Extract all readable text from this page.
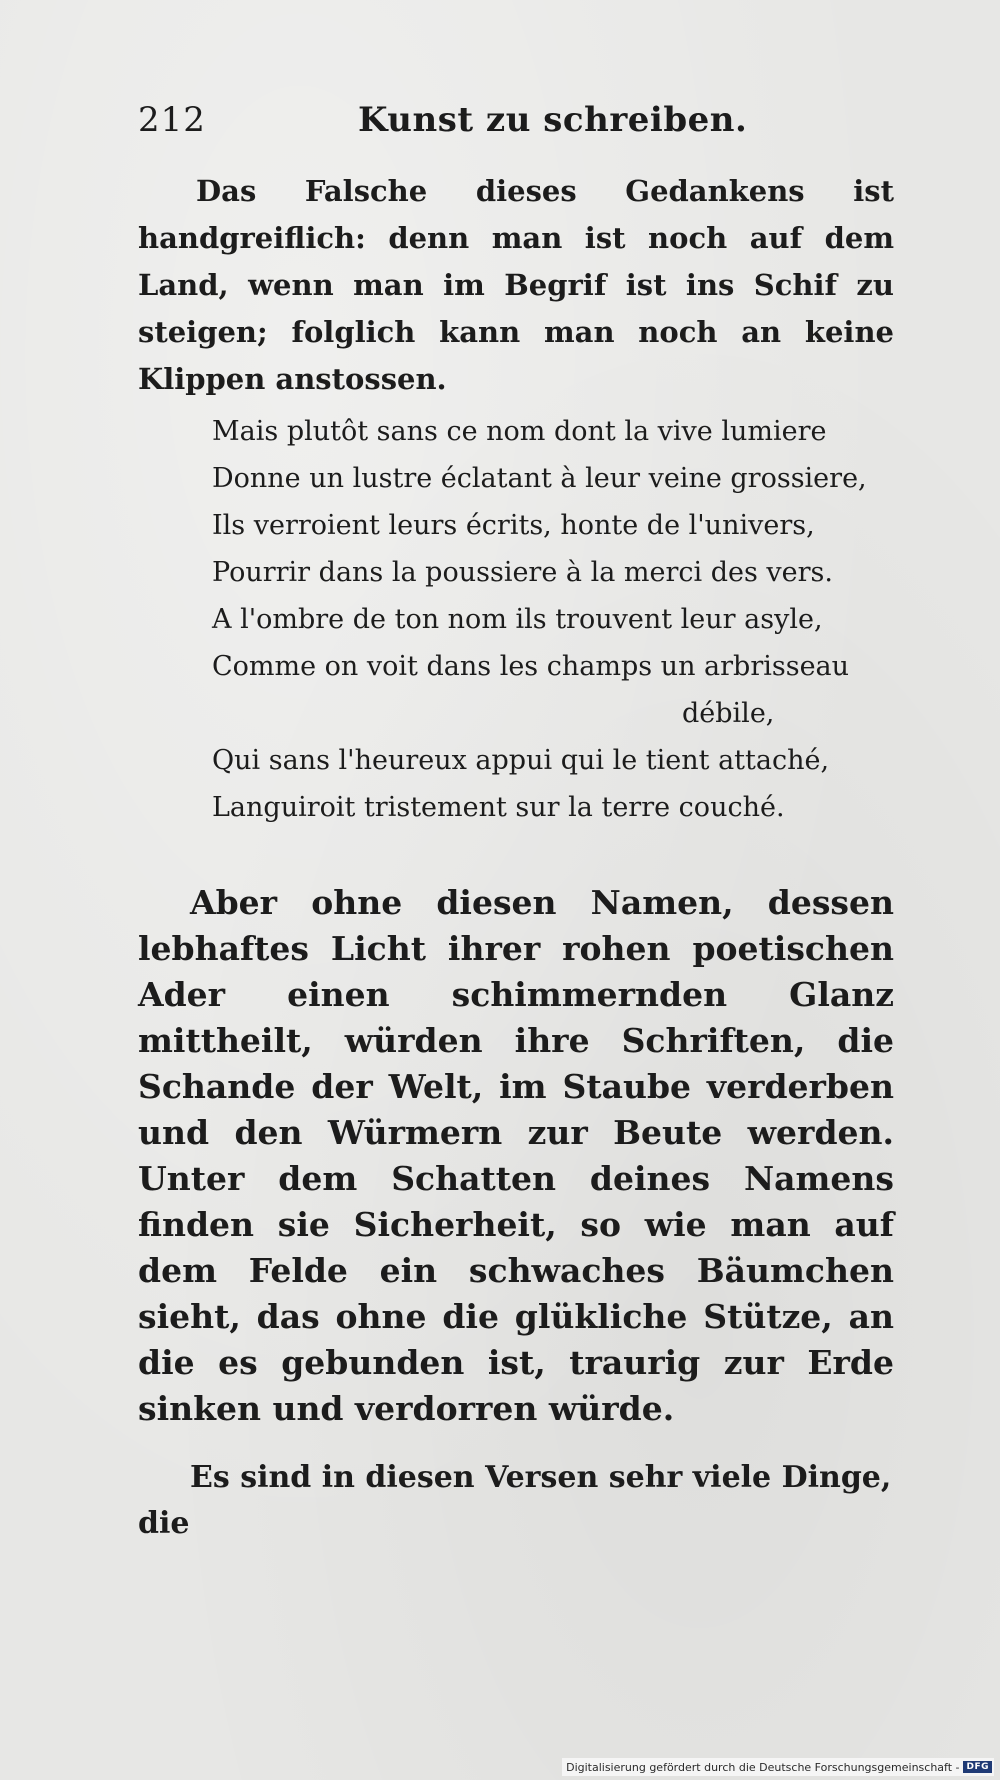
212	Kunst zu schreiben.

Das Falsche dieses Gedankens ist handgreiflich: denn man ist noch auf dem Land, wenn man im Begrif ist ins Schif zu steigen; folglich kann man noch an keine Klippen anstossen.

Mais plutôt sans ce nom dont la vive lumiere
Donne un lustre éclatant à leur veine grossiere,
Ils verroient leurs écrits, honte de l'univers,
Pourrir dans la poussiere à la merci des vers.
A l'ombre de ton nom ils trouvent leur asyle,
Comme on voit dans les champs un arbrisseau
débile,
Qui sans l'heureux appui qui le tient attaché,
Languiroit tristement sur la terre couché.

Aber ohne diesen Namen, dessen lebhaftes Licht ihrer rohen poetischen Ader einen schimmernden Glanz mittheilt, würden ihre Schriften, die Schande der Welt, im Staube verderben und den Würmern zur Beute werden. Unter dem Schatten deines Namens finden sie Sicherheit, so wie man auf dem Felde ein schwaches Bäumchen sieht, das ohne die glükliche Stütze, an die es gebunden ist, traurig zur Erde sinken und verdorren würde.

Es sind in diesen Versen sehr viele Dinge, die

Digitalisierung gefördert durch die Deutsche Forschungsgemeinschaft - DFG
